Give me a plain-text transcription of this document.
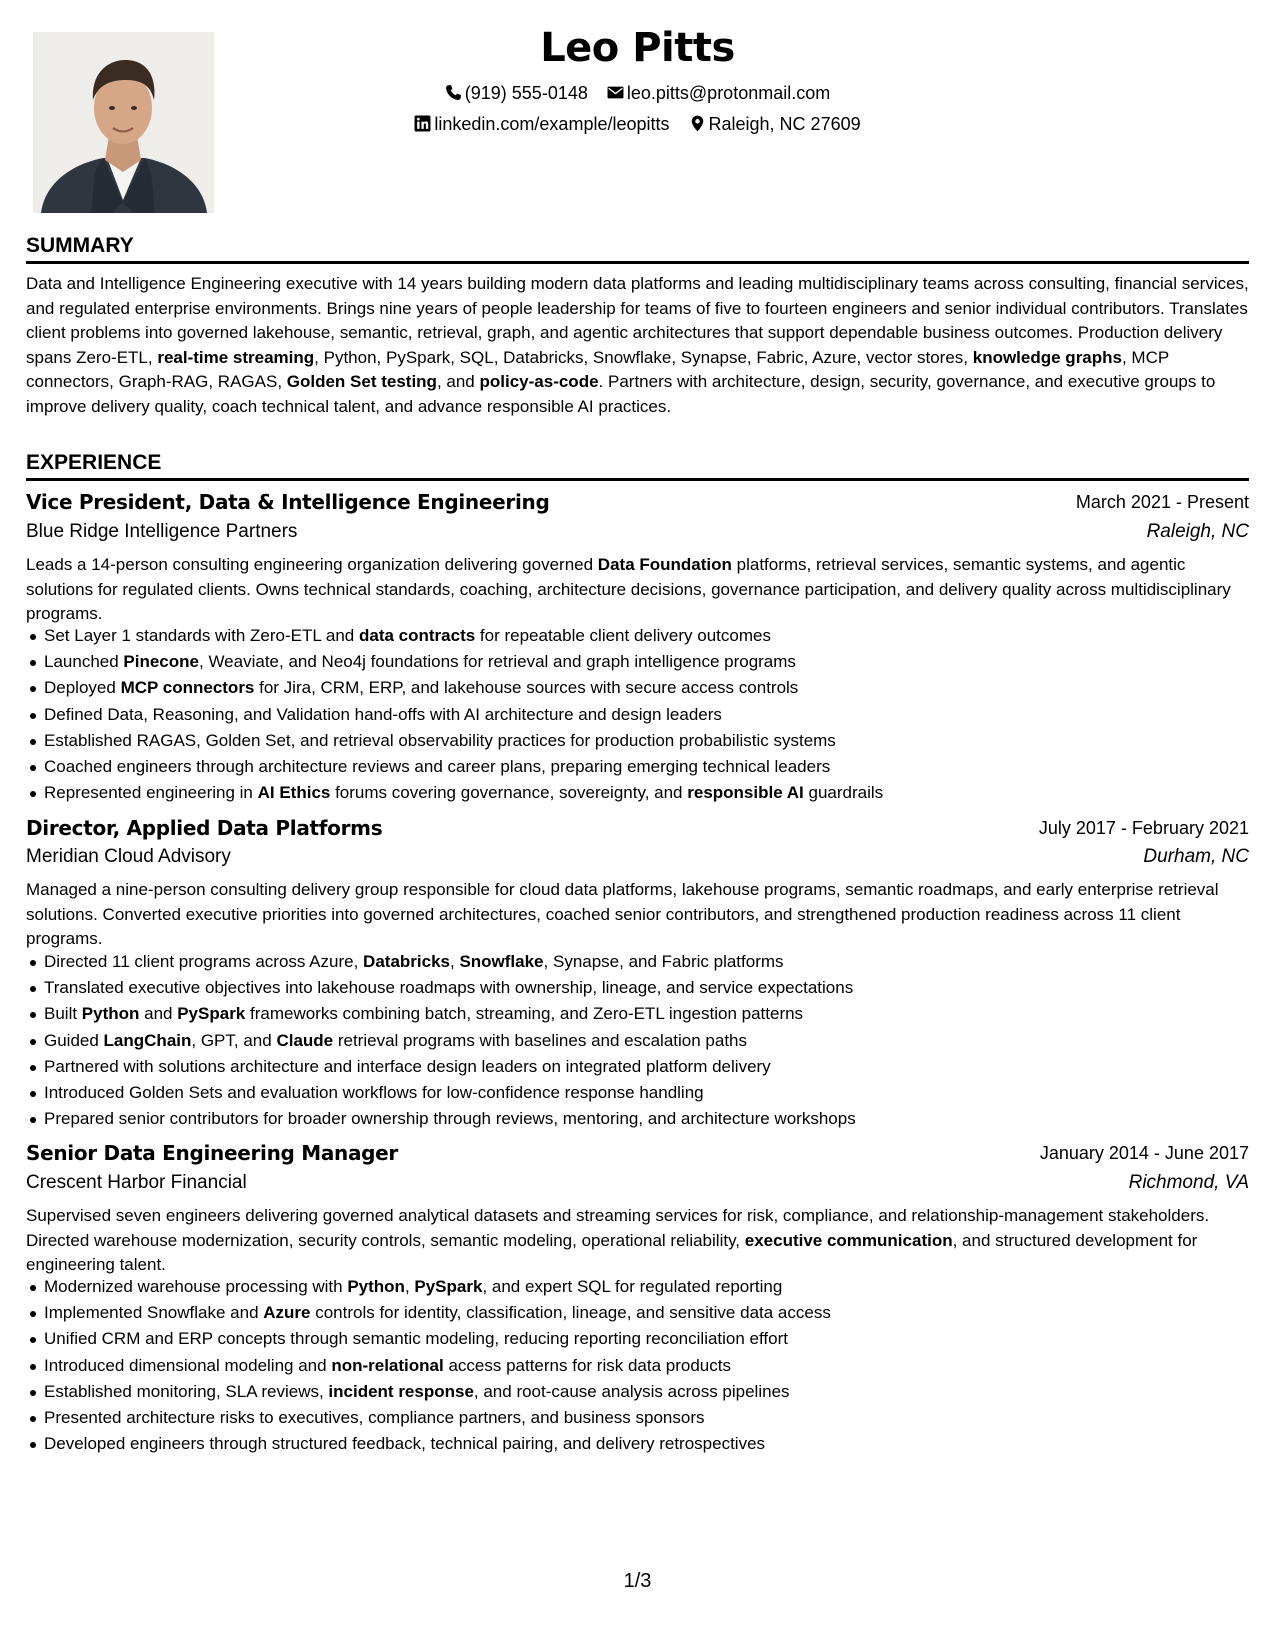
Leo Pitts
(919) 555-0148 leo.pitts@protonmail.com
linkedin.com/example/leopitts Raleigh, NC 27609
SUMMARY

Data and Intelligence Engineering executive with 14 years building modern data platforms and leading multidisciplinary teams across consulting, financial services, and regulated enterprise environments. Brings nine years of people leadership for teams of five to fourteen engineers and senior individual contributors. Translates client problems into governed lakehouse, semantic, retrieval, graph, and agentic architectures that support dependable business outcomes. Production delivery spans Zero-ETL, real-time streaming, Python, PySpark, SQL, Databricks, Snowflake, Synapse, Fabric, Azure, vector stores, knowledge graphs, MCP connectors, Graph-RAG, RAGAS, Golden Set testing, and policy-as-code. Partners with architecture, design, security, governance, and executive groups to improve delivery quality, coach technical talent, and advance responsible AI practices.

EXPERIENCE
Vice President, Data & Intelligence Engineering	March 2021 - Present
Blue Ridge Intelligence Partners	Raleigh, NC

Leads a 14-person consulting engineering organization delivering governed Data Foundation platforms, retrieval services, semantic systems, and agentic solutions for regulated clients. Owns technical standards, coaching, architecture decisions, governance participation, and delivery quality across multidisciplinary programs.

Set Layer 1 standards with Zero-ETL and data contracts for repeatable client delivery outcomes
Launched Pinecone, Weaviate, and Neo4j foundations for retrieval and graph intelligence programs
Deployed MCP connectors for Jira, CRM, ERP, and lakehouse sources with secure access controls
Defined Data, Reasoning, and Validation hand-offs with AI architecture and design leaders
Established RAGAS, Golden Set, and retrieval observability practices for production probabilistic systems
Coached engineers through architecture reviews and career plans, preparing emerging technical leaders
Represented engineering in AI Ethics forums covering governance, sovereignty, and responsible AI guardrails
Director, Applied Data Platforms	July 2017 - February 2021
Meridian Cloud Advisory	Durham, NC

Managed a nine-person consulting delivery group responsible for cloud data platforms, lakehouse programs, semantic roadmaps, and early enterprise retrieval solutions. Converted executive priorities into governed architectures, coached senior contributors, and strengthened production readiness across 11 client programs.

Directed 11 client programs across Azure, Databricks, Snowflake, Synapse, and Fabric platforms
Translated executive objectives into lakehouse roadmaps with ownership, lineage, and service expectations
Built Python and PySpark frameworks combining batch, streaming, and Zero-ETL ingestion patterns
Guided LangChain, GPT, and Claude retrieval programs with baselines and escalation paths
Partnered with solutions architecture and interface design leaders on integrated platform delivery
Introduced Golden Sets and evaluation workflows for low-confidence response handling
Prepared senior contributors for broader ownership through reviews, mentoring, and architecture workshops
Senior Data Engineering Manager	January 2014 - June 2017
Crescent Harbor Financial	Richmond, VA

Supervised seven engineers delivering governed analytical datasets and streaming services for risk, compliance, and relationship-management stakeholders. Directed warehouse modernization, security controls, semantic modeling, operational reliability, executive communication, and structured development for engineering talent.

Modernized warehouse processing with Python, PySpark, and expert SQL for regulated reporting
Implemented Snowflake and Azure controls for identity, classification, lineage, and sensitive data access
Unified CRM and ERP concepts through semantic modeling, reducing reporting reconciliation effort
Introduced dimensional modeling and non-relational access patterns for risk data products
Established monitoring, SLA reviews, incident response, and root-cause analysis across pipelines
Presented architecture risks to executives, compliance partners, and business sponsors
Developed engineers through structured feedback, technical pairing, and delivery retrospectives
1/3
